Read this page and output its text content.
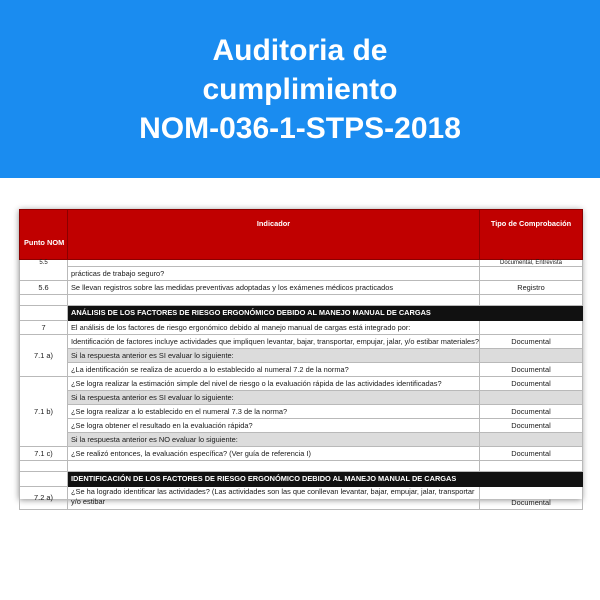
Auditoria de
cumplimiento
NOM-036-1-STPS-2018
Punto NOM	Indicador	Tipo de Comprobación
5.5		Documental, Entrevista
	prácticas de trabajo seguro?	
5.6	Se llevan registros sobre las medidas preventivas adoptadas y los exámenes médicos practicados	Registro

	ANÁLISIS DE LOS FACTORES DE RIESGO ERGONÓMICO DEBIDO AL MANEJO MANUAL DE CARGAS	
7	El análisis de los factores de riesgo ergonómico debido al manejo manual de cargas está integrado por:	
7.1 a)	Identificación de factores incluye actividades que impliquen levantar, bajar, transportar, empujar, jalar, y/o estibar materiales?	Documental
	Si la respuesta anterior es SI evaluar lo siguiente:	
	¿La identificación se realiza de acuerdo a lo establecido al numeral 7.2 de la norma?	Documental
7.1 b)	¿Se logra realizar la estimación simple del nivel de riesgo o la evaluación rápida de las actividades identificadas?	Documental
	Si la respuesta anterior es SI evaluar lo siguiente:	
	¿Se logra realizar a lo establecido en el numeral 7.3 de la norma?	Documental
	¿Se logra obtener el resultado en la evaluación rápida?	Documental
	Si la respuesta anterior es NO evaluar lo siguiente:	
7.1 c)	¿Se realizó entonces, la evaluación específica? (Ver guía de referencia I)	Documental

	IDENTIFICACIÓN DE LOS FACTORES DE RIESGO ERGONÓMICO DEBIDO AL MANEJO MANUAL DE CARGAS	
7.2 a)	¿Se ha logrado identificar las actividades? (Las actividades son las que conllevan levantar, bajar, empujar, jalar, transportar y/o estibar	Documental
